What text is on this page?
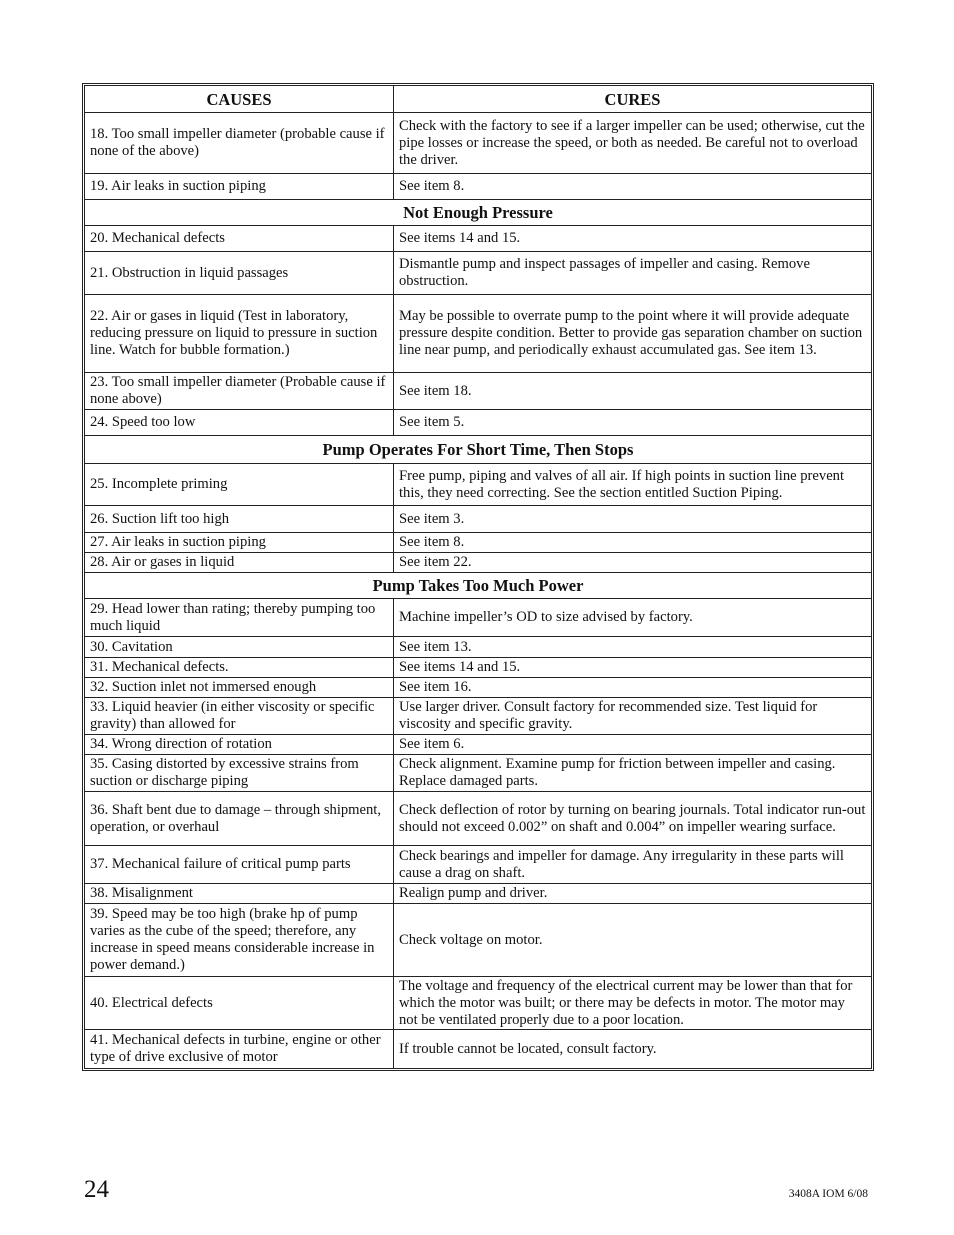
CAUSES	CURES
18. Too small impeller diameter (probable cause if none of the above)	Check with the factory to see if a larger impeller can be used; otherwise, cut the pipe losses or increase the speed, or both as needed. Be careful not to overload the driver.
19. Air leaks in suction piping	See item 8.
Not Enough Pressure	
20. Mechanical defects	See items 14 and 15.
21. Obstruction in liquid passages	Dismantle pump and inspect passages of impeller and casing. Remove obstruction.
22. Air or gases in liquid (Test in laboratory, reducing pressure on liquid to pressure in suction line. Watch for bubble formation.)	May be possible to overrate pump to the point where it will provide adequate pressure despite condition. Better to provide gas separation chamber on suction line near pump, and periodically exhaust accumulated gas. See item 13.
23. Too small impeller diameter (Probable cause if none above)	See item 18.
24. Speed too low	See item 5.
Pump Operates For Short Time, Then Stops	
25. Incomplete priming	Free pump, piping and valves of all air. If high points in suction line prevent this, they need correcting. See the section entitled Suction Piping.
26. Suction lift too high	See item 3.
27. Air leaks in suction piping	See item 8.
28. Air or gases in liquid	See item 22.
Pump Takes Too Much Power	
29. Head lower than rating; thereby pumping too much liquid	Machine impeller’s OD to size advised by factory.
30. Cavitation	See item 13.
31. Mechanical defects.	See items 14 and 15.
32. Suction inlet not immersed enough	See item 16.
33. Liquid heavier (in either viscosity or specific gravity) than allowed for	Use larger driver. Consult factory for recommended size. Test liquid for viscosity and specific gravity.
34. Wrong direction of rotation	See item 6.
35. Casing distorted by excessive strains from suction or discharge piping	Check alignment. Examine pump for friction between impeller and casing. Replace damaged parts.
36. Shaft bent due to damage – through shipment, operation, or overhaul	Check deflection of rotor by turning on bearing journals. Total indicator run-out should not exceed 0.002” on shaft and 0.004” on impeller wearing surface.
37. Mechanical failure of critical pump parts	Check bearings and impeller for damage. Any irregularity in these parts will cause a drag on shaft.
38. Misalignment	Realign pump and driver.
39. Speed may be too high (brake hp of pump varies as the cube of the speed; therefore, any increase in speed means considerable increase in power demand.)	Check voltage on motor.
40. Electrical defects	The voltage and frequency of the electrical current may be lower than that for which the motor was built; or there may be defects in motor. The motor may not be ventilated properly due to a poor location.
41. Mechanical defects in turbine, engine or other type of drive exclusive of motor	If trouble cannot be located, consult factory.
24	3408A IOM 6/08
